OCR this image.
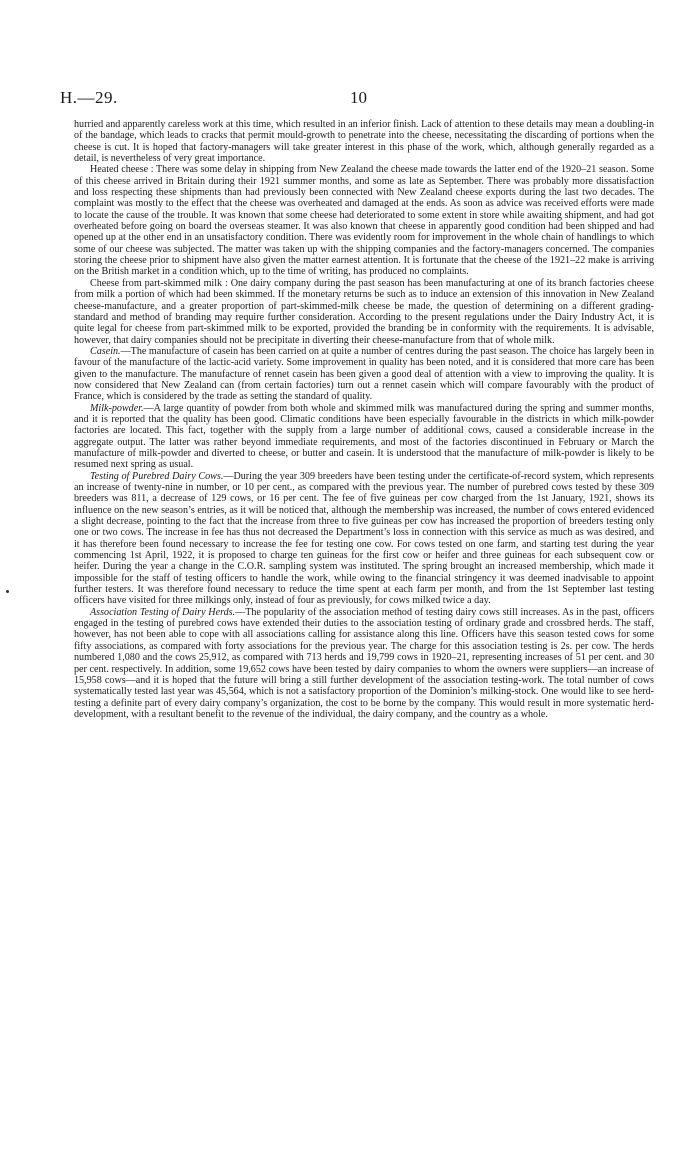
H.—29.	10

hurried and apparently careless work at this time, which resulted in an inferior finish. Lack of attention to these details may mean a doubling-in of the bandage, which leads to cracks that permit mould-growth to penetrate into the cheese, necessitating the discarding of portions when the cheese is cut. It is hoped that factory-managers will take greater interest in this phase of the work, which, although generally regarded as a detail, is nevertheless of very great importance.

Heated cheese : There was some delay in shipping from New Zealand the cheese made towards the latter end of the 1920–21 season. Some of this cheese arrived in Britain during their 1921 summer months, and some as late as September. There was probably more dissatisfaction and loss respecting these shipments than had previously been connected with New Zealand cheese exports during the last two decades. The complaint was mostly to the effect that the cheese was overheated and damaged at the ends. As soon as advice was received efforts were made to locate the cause of the trouble. It was known that some cheese had deteriorated to some extent in store while awaiting shipment, and had got overheated before going on board the overseas steamer. It was also known that cheese in apparently good condition had been shipped and had opened up at the other end in an unsatisfactory condition. There was evidently room for improvement in the whole chain of handlings to which some of our cheese was subjected. The matter was taken up with the shipping companies and the factory-managers concerned. The companies storing the cheese prior to shipment have also given the matter earnest attention. It is fortunate that the cheese of the 1921–22 make is arriving on the British market in a condition which, up to the time of writing, has produced no complaints.

Cheese from part-skimmed milk : One dairy company during the past season has been manufacturing at one of its branch factories cheese from milk a portion of which had been skimmed. If the monetary returns be such as to induce an extension of this innovation in New Zealand cheese-manufacture, and a greater proportion of part-skimmed-milk cheese be made, the question of determining on a different grading-standard and method of branding may require further consideration. According to the present regulations under the Dairy Industry Act, it is quite legal for cheese from part-skimmed milk to be exported, provided the branding be in conformity with the requirements. It is advisable, however, that dairy companies should not be precipitate in diverting their cheese-manufacture from that of whole milk.

Casein.—The manufacture of casein has been carried on at quite a number of centres during the past season. The choice has largely been in favour of the manufacture of the lactic-acid variety. Some improvement in quality has been noted, and it is considered that more care has been given to the manufacture. The manufacture of rennet casein has been given a good deal of attention with a view to improving the quality. It is now considered that New Zealand can (from certain factories) turn out a rennet casein which will compare favourably with the product of France, which is considered by the trade as setting the standard of quality.

Milk-powder.—A large quantity of powder from both whole and skimmed milk was manufactured during the spring and summer months, and it is reported that the quality has been good. Climatic conditions have been especially favourable in the districts in which milk-powder factories are located. This fact, together with the supply from a large number of additional cows, caused a considerable increase in the aggregate output. The latter was rather beyond immediate requirements, and most of the factories discontinued in February or March the manufacture of milk-powder and diverted to cheese, or butter and casein. It is understood that the manufacture of milk-powder is likely to be resumed next spring as usual.

Testing of Purebred Dairy Cows.—During the year 309 breeders have been testing under the certificate-of-record system, which represents an increase of twenty-nine in number, or 10 per cent., as compared with the previous year. The number of purebred cows tested by these 309 breeders was 811, a decrease of 129 cows, or 16 per cent. The fee of five guineas per cow charged from the 1st January, 1921, shows its influence on the new season’s entries, as it will be noticed that, although the membership was increased, the number of cows entered evidenced a slight decrease, pointing to the fact that the increase from three to five guineas per cow has increased the proportion of breeders testing only one or two cows. The increase in fee has thus not decreased the Department’s loss in connection with this service as much as was desired, and it has therefore been found necessary to increase the fee for testing one cow. For cows tested on one farm, and starting test during the year commencing 1st April, 1922, it is proposed to charge ten guineas for the first cow or heifer and three guineas for each subsequent cow or heifer. During the year a change in the C.O.R. sampling system was instituted. The spring brought an increased membership, which made it impossible for the staff of testing officers to handle the work, while owing to the financial stringency it was deemed inadvisable to appoint further testers. It was therefore found necessary to reduce the time spent at each farm per month, and from the 1st September last testing officers have visited for three milkings only, instead of four as previously, for cows milked twice a day.

Association Testing of Dairy Herds.—The popularity of the association method of testing dairy cows still increases. As in the past, officers engaged in the testing of purebred cows have extended their duties to the association testing of ordinary grade and crossbred herds. The staff, however, has not been able to cope with all associations calling for assistance along this line. Officers have this season tested cows for some fifty associations, as compared with forty associations for the previous year. The charge for this association testing is 2s. per cow. The herds numbered 1,080 and the cows 25,912, as compared with 713 herds and 19,799 cows in 1920–21, representing increases of 51 per cent. and 30 per cent. respectively. In addition, some 19,652 cows have been tested by dairy companies to whom the owners were suppliers—an increase of 15,958 cows—and it is hoped that the future will bring a still further development of the association testing-work. The total number of cows systematically tested last year was 45,564, which is not a satisfactory proportion of the Dominion’s milking-stock. One would like to see herd-testing a definite part of every dairy company’s organization, the cost to be borne by the company. This would result in more systematic herd-development, with a resultant benefit to the revenue of the individual, the dairy company, and the country as a whole.
